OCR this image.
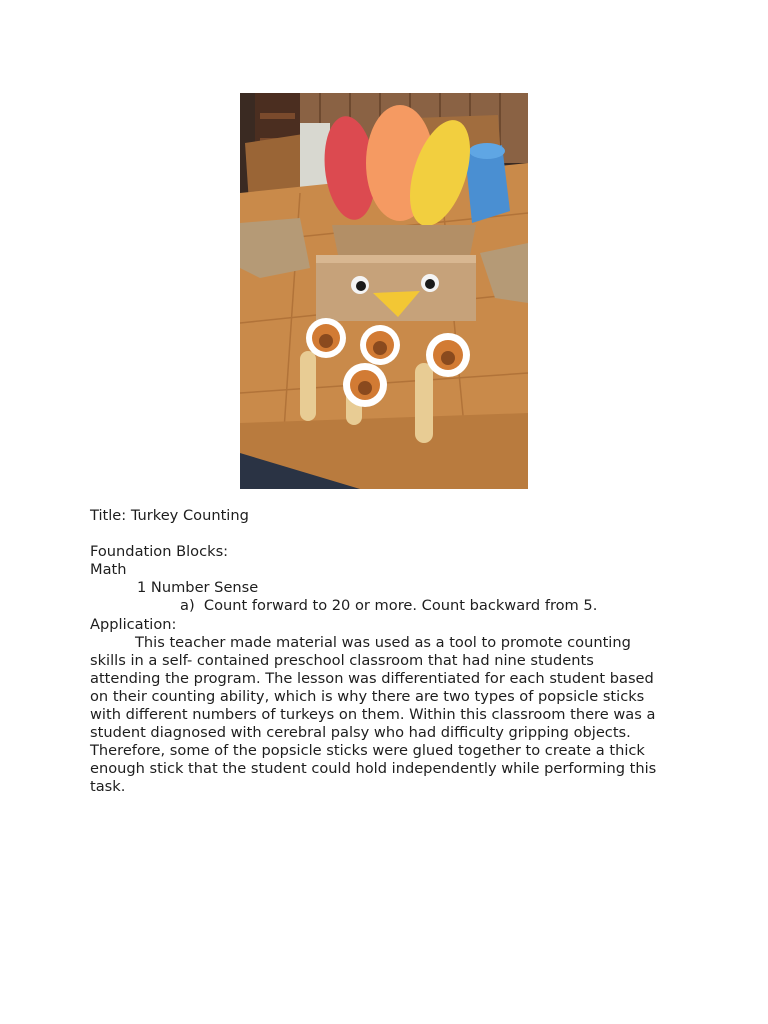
Title: Turkey Counting
Foundation Blocks:
Math
1 Number Sense
a)  Count forward to 20 or more. Count backward from 5.
Application:
This teacher made material was used as a tool to promote counting
skills in a self- contained preschool classroom that had nine students
attending the program. The lesson was differentiated for each student based
on their counting ability, which is why there are two types of popsicle sticks
with different numbers of turkeys on them. Within this classroom there was a
student diagnosed with cerebral palsy who had difficulty gripping objects.
Therefore, some of the popsicle sticks were glued together to create a thick
enough stick that the student could hold independently while performing this
task.
